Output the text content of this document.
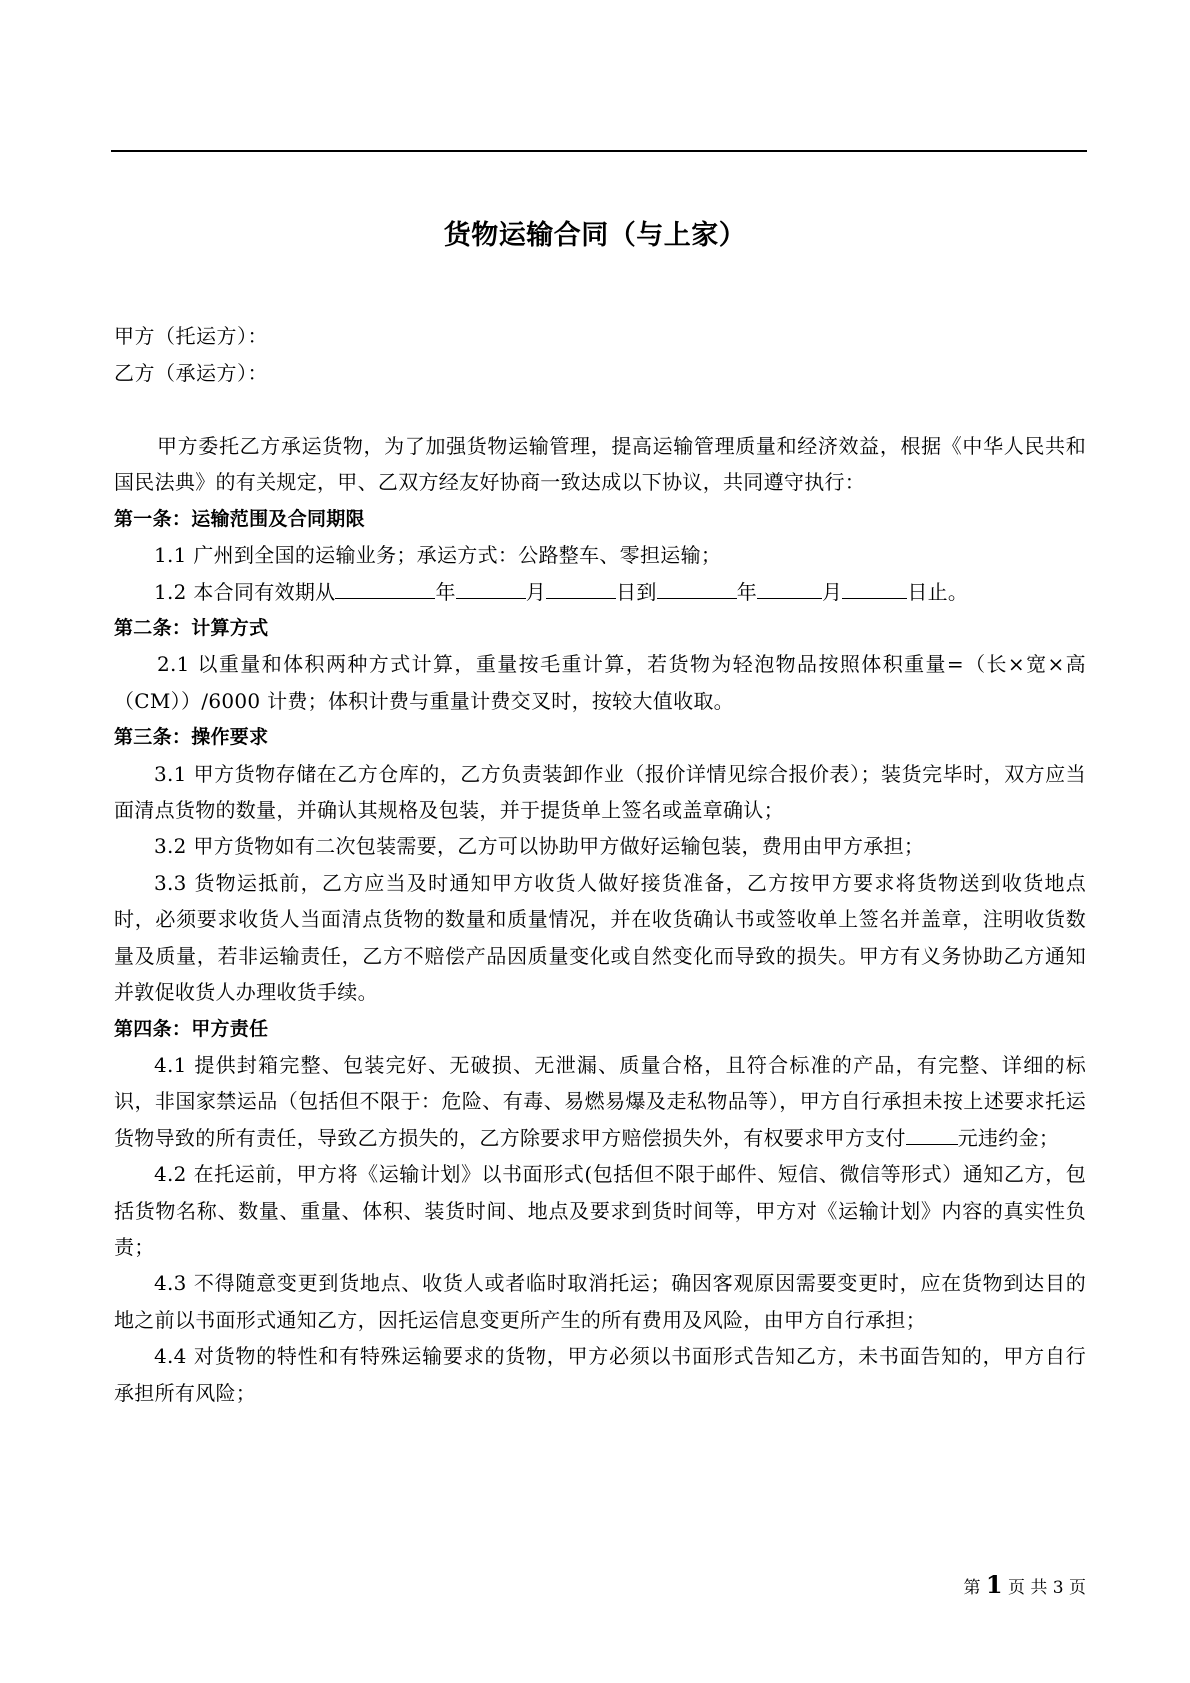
货物运输合同（与上家）
甲方（托运方）：
乙方（承运方）：

甲方委托乙方承运货物，为了加强货物运输管理，提高运输管理质量和经济效益，根据《中华人民共和国民法典》的有关规定，甲、乙双方经友好协商一致达成以下协议，共同遵守执行：

第一条：运输范围及合同期限

1.1 广州到全国的运输业务；承运方式：公路整车、零担运输；

1.2 本合同有效期从	年	月	日到	年	月	日止。

第二条：计算方式

2.1 以重量和体积两种方式计算，重量按毛重计算，若货物为轻泡物品按照体积重量=（长×宽×高（CM））/6000 计费；体积计费与重量计费交叉时，按较大值收取。

第三条：操作要求

3.1 甲方货物存储在乙方仓库的，乙方负责装卸作业（报价详情见综合报价表）；装货完毕时，双方应当面清点货物的数量，并确认其规格及包装，并于提货单上签名或盖章确认；

3.2 甲方货物如有二次包装需要，乙方可以协助甲方做好运输包装，费用由甲方承担；

3.3 货物运抵前，乙方应当及时通知甲方收货人做好接货准备，乙方按甲方要求将货物送到收货地点时，必须要求收货人当面清点货物的数量和质量情况，并在收货确认书或签收单上签名并盖章，注明收货数量及质量，若非运输责任，乙方不赔偿产品因质量变化或自然变化而导致的损失。甲方有义务协助乙方通知并敦促收货人办理收货手续。

第四条：甲方责任

4.1 提供封箱完整、包装完好、无破损、无泄漏、质量合格，且符合标准的产品，有完整、详细的标识，非国家禁运品（包括但不限于：危险、有毒、易燃易爆及走私物品等），甲方自行承担未按上述要求托运货物导致的所有责任，导致乙方损失的，乙方除要求甲方赔偿损失外，有权要求甲方支付	元违约金；

4.2 在托运前，甲方将《运输计划》以书面形式(包括但不限于邮件、短信、微信等形式）通知乙方，包括货物名称、数量、重量、体积、装货时间、地点及要求到货时间等，甲方对《运输计划》内容的真实性负责；

4.3 不得随意变更到货地点、收货人或者临时取消托运；确因客观原因需要变更时，应在货物到达目的地之前以书面形式通知乙方，因托运信息变更所产生的所有费用及风险，由甲方自行承担；

4.4 对货物的特性和有特殊运输要求的货物，甲方必须以书面形式告知乙方，未书面告知的，甲方自行承担所有风险；

第 1 页 共 3 页
